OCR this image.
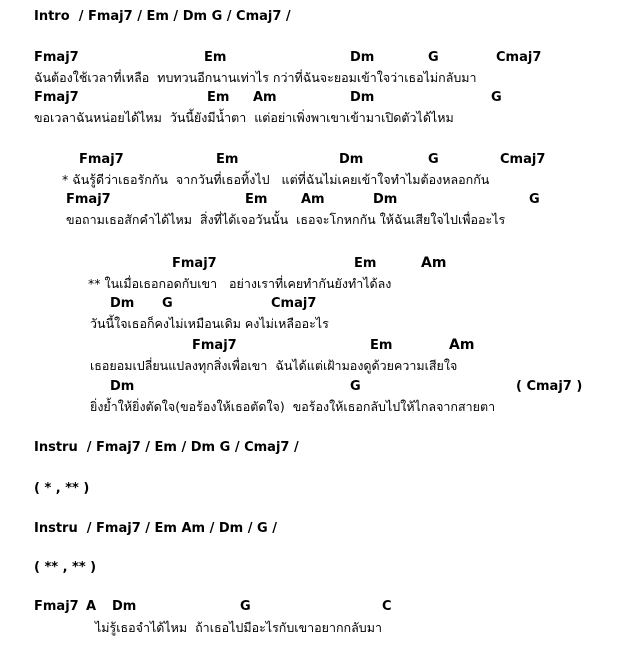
Intro  / Fmaj7 / Em / Dm G / Cmaj7 /
Fmaj7	Em	Dm	G	Cmaj7
ฉันต้องใช้เวลาที่เหลือ  ทบทวนอีกนานเท่าไร กว่าที่ฉันจะยอมเข้าใจว่าเธอไม่กลับมา
Fmaj7	Em Am	Dm	G
ขอเวลาฉันหน่อยได้ไหม  วันนี้ยังมีน้ำตา  แต่อย่าเพิ่งพาเขาเข้ามาเปิดตัวได้ไหม
Fmaj7	Em	Dm	G	Cmaj7
* ฉันรู้ดีว่าเธอรักกัน  จากวันที่เธอทิ้งไป   แต่ที่ฉันไม่เคยเข้าใจทำไมต้องหลอกกัน
Fmaj7	Em	Am	Dm	G
ขอถามเธอสักคำได้ไหม  สิ่งที่ได้เจอวันนั้น  เธอจะโกหกกัน ให้ฉันเสียใจไปเพื่ออะไร
Fmaj7	Em	Am
** ในเมื่อเธอกอดกับเขา   อย่างเราที่เคยทำกันยังทำได้ลง
Dm G	Cmaj7
วันนี้ใจเธอก็คงไม่เหมือนเดิม คงไม่เหลืออะไร
Fmaj7	Em	Am
เธอยอมเปลี่ยนแปลงทุกสิ่งเพื่อเขา  ฉันได้แต่เฝ้ามองดูด้วยความเสียใจ
Dm	G	( Cmaj7 )
ยิ่งย้ำให้ยิ่งตัดใจ(ขอร้องให้เธอตัดใจ)  ขอร้องให้เธอกลับไปให้ไกลจากสายตา
Instru  / Fmaj7 / Em / Dm G / Cmaj7 /
( * , ** )
Instru  / Fmaj7 / Em Am / Dm / G /
( ** , ** )
Fmaj7 A Dm	G	C
ไม่รู้เธอจำได้ไหม  ถ้าเธอไปมีอะไรกับเขาอยากกลับมา
